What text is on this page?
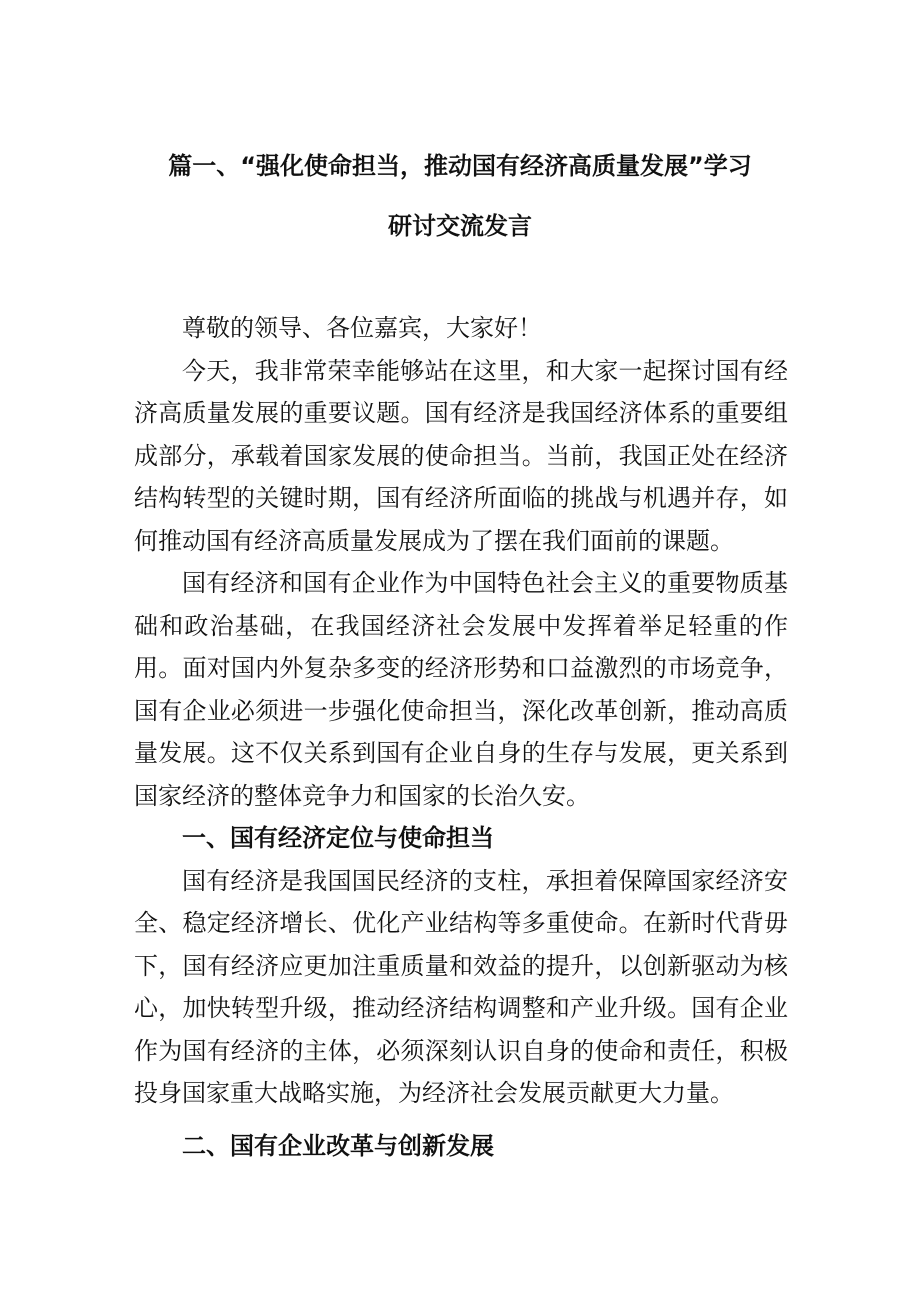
篇一、“强化使命担当，推动国有经济高质量发展”学习
研讨交流发言

尊敬的领导、各位嘉宾，大家好！

今天，我非常荣幸能够站在这里，和大家一起探讨国有经济高质量发展的重要议题。国有经济是我国经济体系的重要组成部分，承载着国家发展的使命担当。当前，我国正处在经济结构转型的关键时期，国有经济所面临的挑战与机遇并存，如何推动国有经济高质量发展成为了摆在我们面前的课题。

国有经济和国有企业作为中国特色社会主义的重要物质基础和政治基础，在我国经济社会发展中发挥着举足轻重的作用。面对国内外复杂多变的经济形势和口益激烈的市场竞争，国有企业必须进一步强化使命担当，深化改革创新，推动高质量发展。这不仅关系到国有企业自身的生存与发展，更关系到国家经济的整体竞争力和国家的长治久安。

一、国有经济定位与使命担当

国有经济是我国国民经济的支柱，承担着保障国家经济安全、稳定经济增长、优化产业结构等多重使命。在新时代背毋下，国有经济应更加注重质量和效益的提升，以创新驱动为核心，加快转型升级，推动经济结构调整和产业升级。国有企业作为国有经济的主体，必须深刻认识自身的使命和责任，积极投身国家重大战略实施，为经济社会发展贡献更大力量。

二、国有企业改革与创新发展
